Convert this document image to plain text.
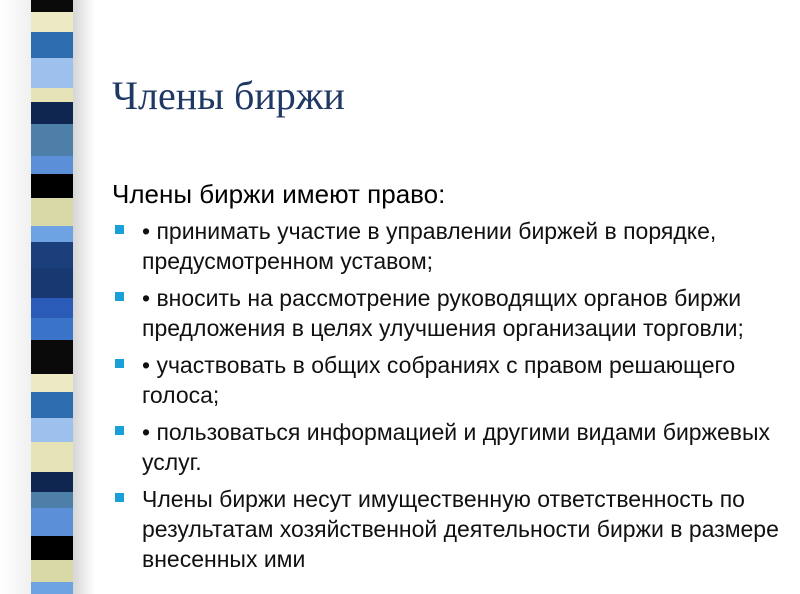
Члены биржи

Члены биржи имеют право:

• принимать участие в управлении биржей в порядке, предусмотренном уставом;
• вносить на рассмотрение руководящих органов биржи предложения в целях улучшения организации торговли;
• участвовать в общих собраниях с правом решающего голоса;
• пользоваться информацией и другими видами биржевых услуг.
Члены биржи несут имущественную ответственность по результатам хозяйственной деятельности биржи в размере внесенных ими
